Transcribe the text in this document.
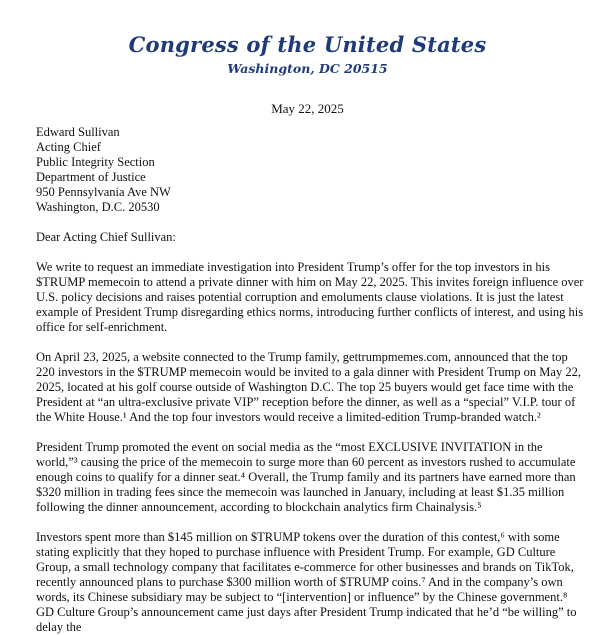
Congress of the United States
Washington, DC 20515
May 22, 2025
Edward Sullivan
Acting Chief
Public Integrity Section
Department of Justice
950 Pennsylvania Ave NW
Washington, D.C. 20530
Dear Acting Chief Sullivan:

We write to request an immediate investigation into President Trump’s offer for the top investors in his $TRUMP memecoin to attend a private dinner with him on May 22, 2025. This invites foreign influence over U.S. policy decisions and raises potential corruption and emoluments clause violations. It is just the latest example of President Trump disregarding ethics norms, introducing further conflicts of interest, and using his office for self-enrichment.

On April 23, 2025, a website connected to the Trump family, gettrumpmemes.com, announced that the top 220 investors in the $TRUMP memecoin would be invited to a gala dinner with President Trump on May 22, 2025, located at his golf course outside of Washington D.C. The top 25 buyers would get face time with the President at “an ultra-exclusive private VIP” reception before the dinner, as well as a “special” V.I.P. tour of the White House.¹ And the top four investors would receive a limited-edition Trump-branded watch.²

President Trump promoted the event on social media as the “most EXCLUSIVE INVITATION in the world,”³ causing the price of the memecoin to surge more than 60 percent as investors rushed to accumulate enough coins to qualify for a dinner seat.⁴ Overall, the Trump family and its partners have earned more than $320 million in trading fees since the memecoin was launched in January, including at least $1.35 million following the dinner announcement, according to blockchain analytics firm Chainalysis.⁵

Investors spent more than $145 million on $TRUMP tokens over the duration of this contest,⁶ with some stating explicitly that they hoped to purchase influence with President Trump. For example, GD Culture Group, a small technology company that facilitates e-commerce for other businesses and brands on TikTok, recently announced plans to purchase $300 million worth of $TRUMP coins.⁷ And in the company’s own words, its Chinese subsidiary may be subject to “[intervention] or influence” by the Chinese government.⁸ GD Culture Group’s announcement came just days after President Trump indicated that he’d “be willing” to delay the
